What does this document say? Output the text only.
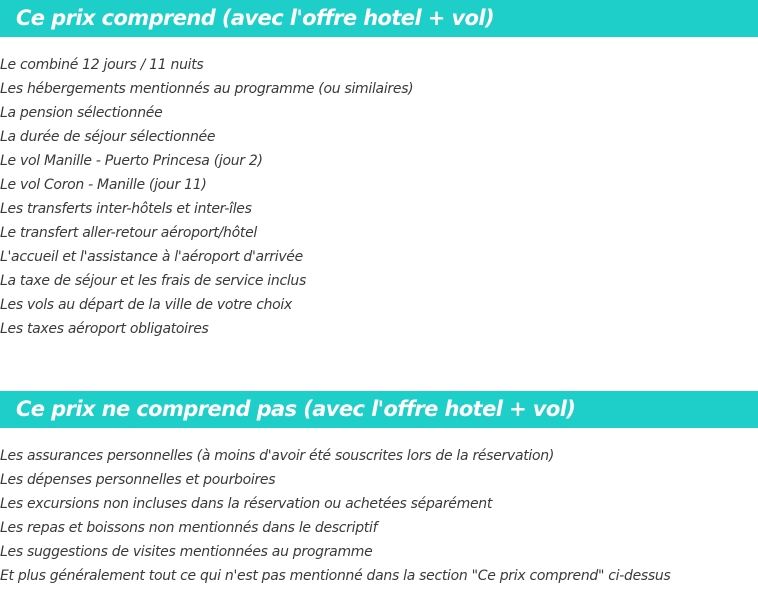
Ce prix comprend (avec l'offre hotel + vol)
Le combiné 12 jours / 11 nuits
Les hébergements mentionnés au programme (ou similaires)
La pension sélectionnée
La durée de séjour sélectionnée
Le vol Manille - Puerto Princesa (jour 2)
Le vol Coron - Manille (jour 11)
Les transferts inter-hôtels et inter-îles
Le transfert aller-retour aéroport/hôtel
L'accueil et l'assistance à l'aéroport d'arrivée
La taxe de séjour et les frais de service inclus
Les vols au départ de la ville de votre choix
Les taxes aéroport obligatoires
Ce prix ne comprend pas (avec l'offre hotel + vol)
Les assurances personnelles (à moins d'avoir été souscrites lors de la réservation)
Les dépenses personnelles et pourboires
Les excursions non incluses dans la réservation ou achetées séparément
Les repas et boissons non mentionnés dans le descriptif
Les suggestions de visites mentionnées au programme
Et plus généralement tout ce qui n'est pas mentionné dans la section "Ce prix comprend" ci-dessus
